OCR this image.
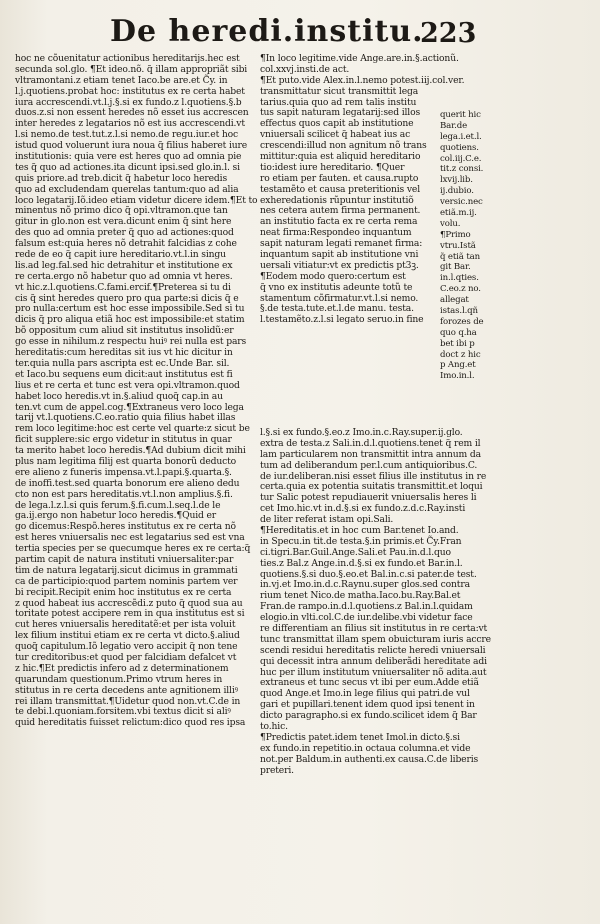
De heredi.institu.
223
hoc ne cõuenitatur actionibus hereditarijs.hec est
secunda sol.glo. ¶Et ideo.nõ. q̃ illam appropriãt sibi
vltramontani.z etiam tenet Iaco.be are.et C̃y. in
l.j.quotiens.probat hoc: institutus ex re certa habet
iura accrescendi.vt.l.j.§.si ex fundo.z l.quotiens.§.b
duos.z.si non essent heredes nõ esset ius accrescen
inter heredes z legatarios nõ est ius accrescendi.vt
l.si nemo.de test.tut.z.l.si nemo.de regu.iur.et hoc
istud quod voluerunt iura noua q̃ filius haberet iure
institutionis: quia vere est heres quo ad omnia pie
tes q̃ quo ad actiones.ita dicunt ipsi.sed glo.in.l. si
quis priore.ad treb.dicit q̃ habetur loco heredis
quo ad excludendam querelas tantum:quo ad alia
loco legatarij.Iõ.ideo etiam videtur dicere idem.¶Et to
minentus nõ primo dico q̃ opi.vltramon.que tan
gitur in glo.non est vera.dicunt enim q̃ sint here
des quo ad omnia preter q̃ quo ad actiones:quod
falsum est:quia heres nõ detrahit falcidias z cohe
rede de eo q̃ capit iure hereditario.vt.l.in singu
lis.ad leg.fal.sed hic detrahitur et institutione ex
re certa.ergo nõ habetur quo ad omnia vt heres.
vt hic.z.l.quotiens.C.fami.ercif.¶Preterea si tu di
cis q̃ sint heredes quero pro qua parte:si dicis q̃ e
pro nulla:certum est hoc esse impossibile.Sed si tu
dicis q̃ pro aliqua etiã hoc est impossibile:et statim
bõ oppositum cum aliud sit institutus insolidũ:er
go esse in nihilum.z respectu huiꝰ rei nulla est pars
hereditatis:cum hereditas sit ius vt hic dicitur in
ter.quia nulla pars ascripta est ec.Unde Bar. sil.
et Iaco.bu sequens eum dicit:aut institutus est fi
lius et re certa et tunc est vera opi.vltramon.quod
habet loco heredis.vt in.§.aliud quoq̃ cap.in au
ten.vt cum de appel.cog.¶Extraneus vero loco lega
tarij vt.l.quotiens.C.eo.ratio quia filius habet illas
rem loco legitime:hoc est certe vel quarte:z sicut be
ficit supplere:sic ergo videtur in stitutus in quar
ta merito habet loco heredis.¶Ad dubium dicit mihi
plus nam legitima filij est quarta bonorũ deducto
ere alieno z funeris impensa.vt.l.papi.§.quarta.§.
de inoffi.test.sed quarta bonorum ere alieno dedu
cto non est pars hereditatis.vt.l.non amplius.§.fi.
de lega.l.z.l.si quis ferum.§.fi.cum.l.seq.l.de le
ga.ij.ergo non habetur loco heredis.¶Quid er
go dicemus:Respõ.heres institutus ex re certa nõ
est heres vniuersalis nec est legatarius sed est vna
tertia species per se quecumque heres ex re certa:q̃
partim capit de natura instituti vniuersaliter:par
tim de natura legatarij.sicut dicimus in grammati
ca de participio:quod partem nominis partem ver
bi recipit.Recipit enim hoc institutus ex re certa
z quod habeat ius accrescẽdi.z puto q̃ quod sua au
toritate potest accipere rem in qua institutus est si
cut heres vniuersalis hereditatẽ:et per ista voluit
lex filium institui etiam ex re certa vt dicto.§.aliud
quoq̃ capitulum.Iõ legatio vero accipit q̃ non tene
tur creditoribus:et quod per falcidiam defalcet vt
z hic.¶Et predictis infero ad z determinationem
quarundam questionum.Primo vtrum heres in
stitutus in re certa decedens ante agnitionem illiꝰ
rei illam transmittat.¶Uidetur quod non.vt.C.de in
te debi.l.quoniam.forsitem.vbi textus dicit si aliꝰ
quid hereditatis fuisset relictum:dico quod res ipsa
¶In loco legitime.vide Ange.are.in.§.actionũ.
col.xxvj.insti.de act.
¶Et puto.vide Alex.in.l.nemo potest.iij.col.ver.
transmittatur sicut transmittit lega
tarius.quia quo ad rem talis institu
tus sapit naturam legatarij:sed illos
effectus quos capit ab institutione
vniuersali scilicet q̃ habeat ius ac
crescendi:illud non agnitum nõ trans
mittitur:quia est aliquid hereditario
tio:idest iure hereditario. ¶Quer
ro etiam per fauten. et causa.rupto
testamẽto et causa preteritionis vel
exheredationis rũpuntur institutiõ
nes cetera autem firma permanent.
an institutio facta ex re certa rema
neat firma:Respondeo inquantum
sapit naturam legati remanet firma:
inquantum sapit ab institutione vni
uersali vitiatur:vt ex predictis pt3ꝫ.
¶Eodem modo quero:certum est
q̃ vno ex institutis adeunte totũ te
stamentum cõfirmatur.vt.l.si nemo.
§.de testa.tute.et.l.de manu. testa.
l.testamẽto.z.l.si legato seruo.in fine
querit hic
Bar.de
lega.i.et.l.
quotiens.
col.iij.C.e.
tit.z consi.
lxvij.lib.
ij.dubio.
versic.nec
etiã.m.ij.
volu.
¶Primo
vtru.Istã
q̃ etiã tan
git Bar.
in.l.qties.
C.eo.z no.
allegat
istas.l.qñ
forozes de
quo q.ha
bet ibi p
doct z hic
p Ang.et
Imo.in.l.
l.§.si ex fundo.§.eo.z Imo.in.c.Ray.super.ij.glo.
extra de testa.z Sali.in.d.l.quotiens.tenet q̃ rem il
lam particularem non transmittit intra annum da
tum ad deliberandum per.l.cum antiquioribus.C.
de iur.deliberan.nisi esset filius ille institutus in re
certa.quia ex potentia suitatis transmittit.et loqui
tur Salic potest repudiauerit vniuersalis heres li
cet Imo.hic.vt in.d.§.si ex fundo.z.d.c.Ray.insti
de liter referat istam opi.Sali.
¶Hereditatis.et in hoc cum Bar.tenet Io.and.
in Specu.in tit.de testa.§.in primis.et C̃y.Fran
ci.tigri.Bar.Guil.Ange.Sali.et Pau.in.d.l.quo
ties.z Bal.z Ange.in.d.§.si ex fundo.et Bar.in.l.
quotiens.§.si duo.§.eo.et Bal.in.c.si pater.de test.
in.vj.et Imo.in.d.c.Raynu.super glos.sed contra
rium tenet Nico.de matha.Iaco.bu.Ray.Bal.et
Fran.de rampo.in.d.l.quotiens.z Bal.in.l.quidam
elogio.in vlti.col.C.de iur.delibe.vbi videtur face
re differentiam an filius sit institutus in re certa:vt
tunc transmittat illam spem obuicturam iuris accre
scendi residui hereditatis relicte heredi vniuersali
qui decessit intra annum deliberãdi hereditate adi
huc per illum institutum vniuersaliter nõ adita.aut
extraneus et tunc secus vt ibi per eum.Adde etiã
quod Ange.et Imo.in lege filius qui patri.de vul
gari et pupillari.tenent idem quod ipsi tenent in
dicto paragrapho.si ex fundo.scilicet idem q̃ Bar
to.hic.
¶Predictis patet.idem tenet Imol.in dicto.§.si
ex fundo.in repetitio.in octaua columna.et vide
not.per Baldum.in authenti.ex causa.C.de liberis
preteri.
